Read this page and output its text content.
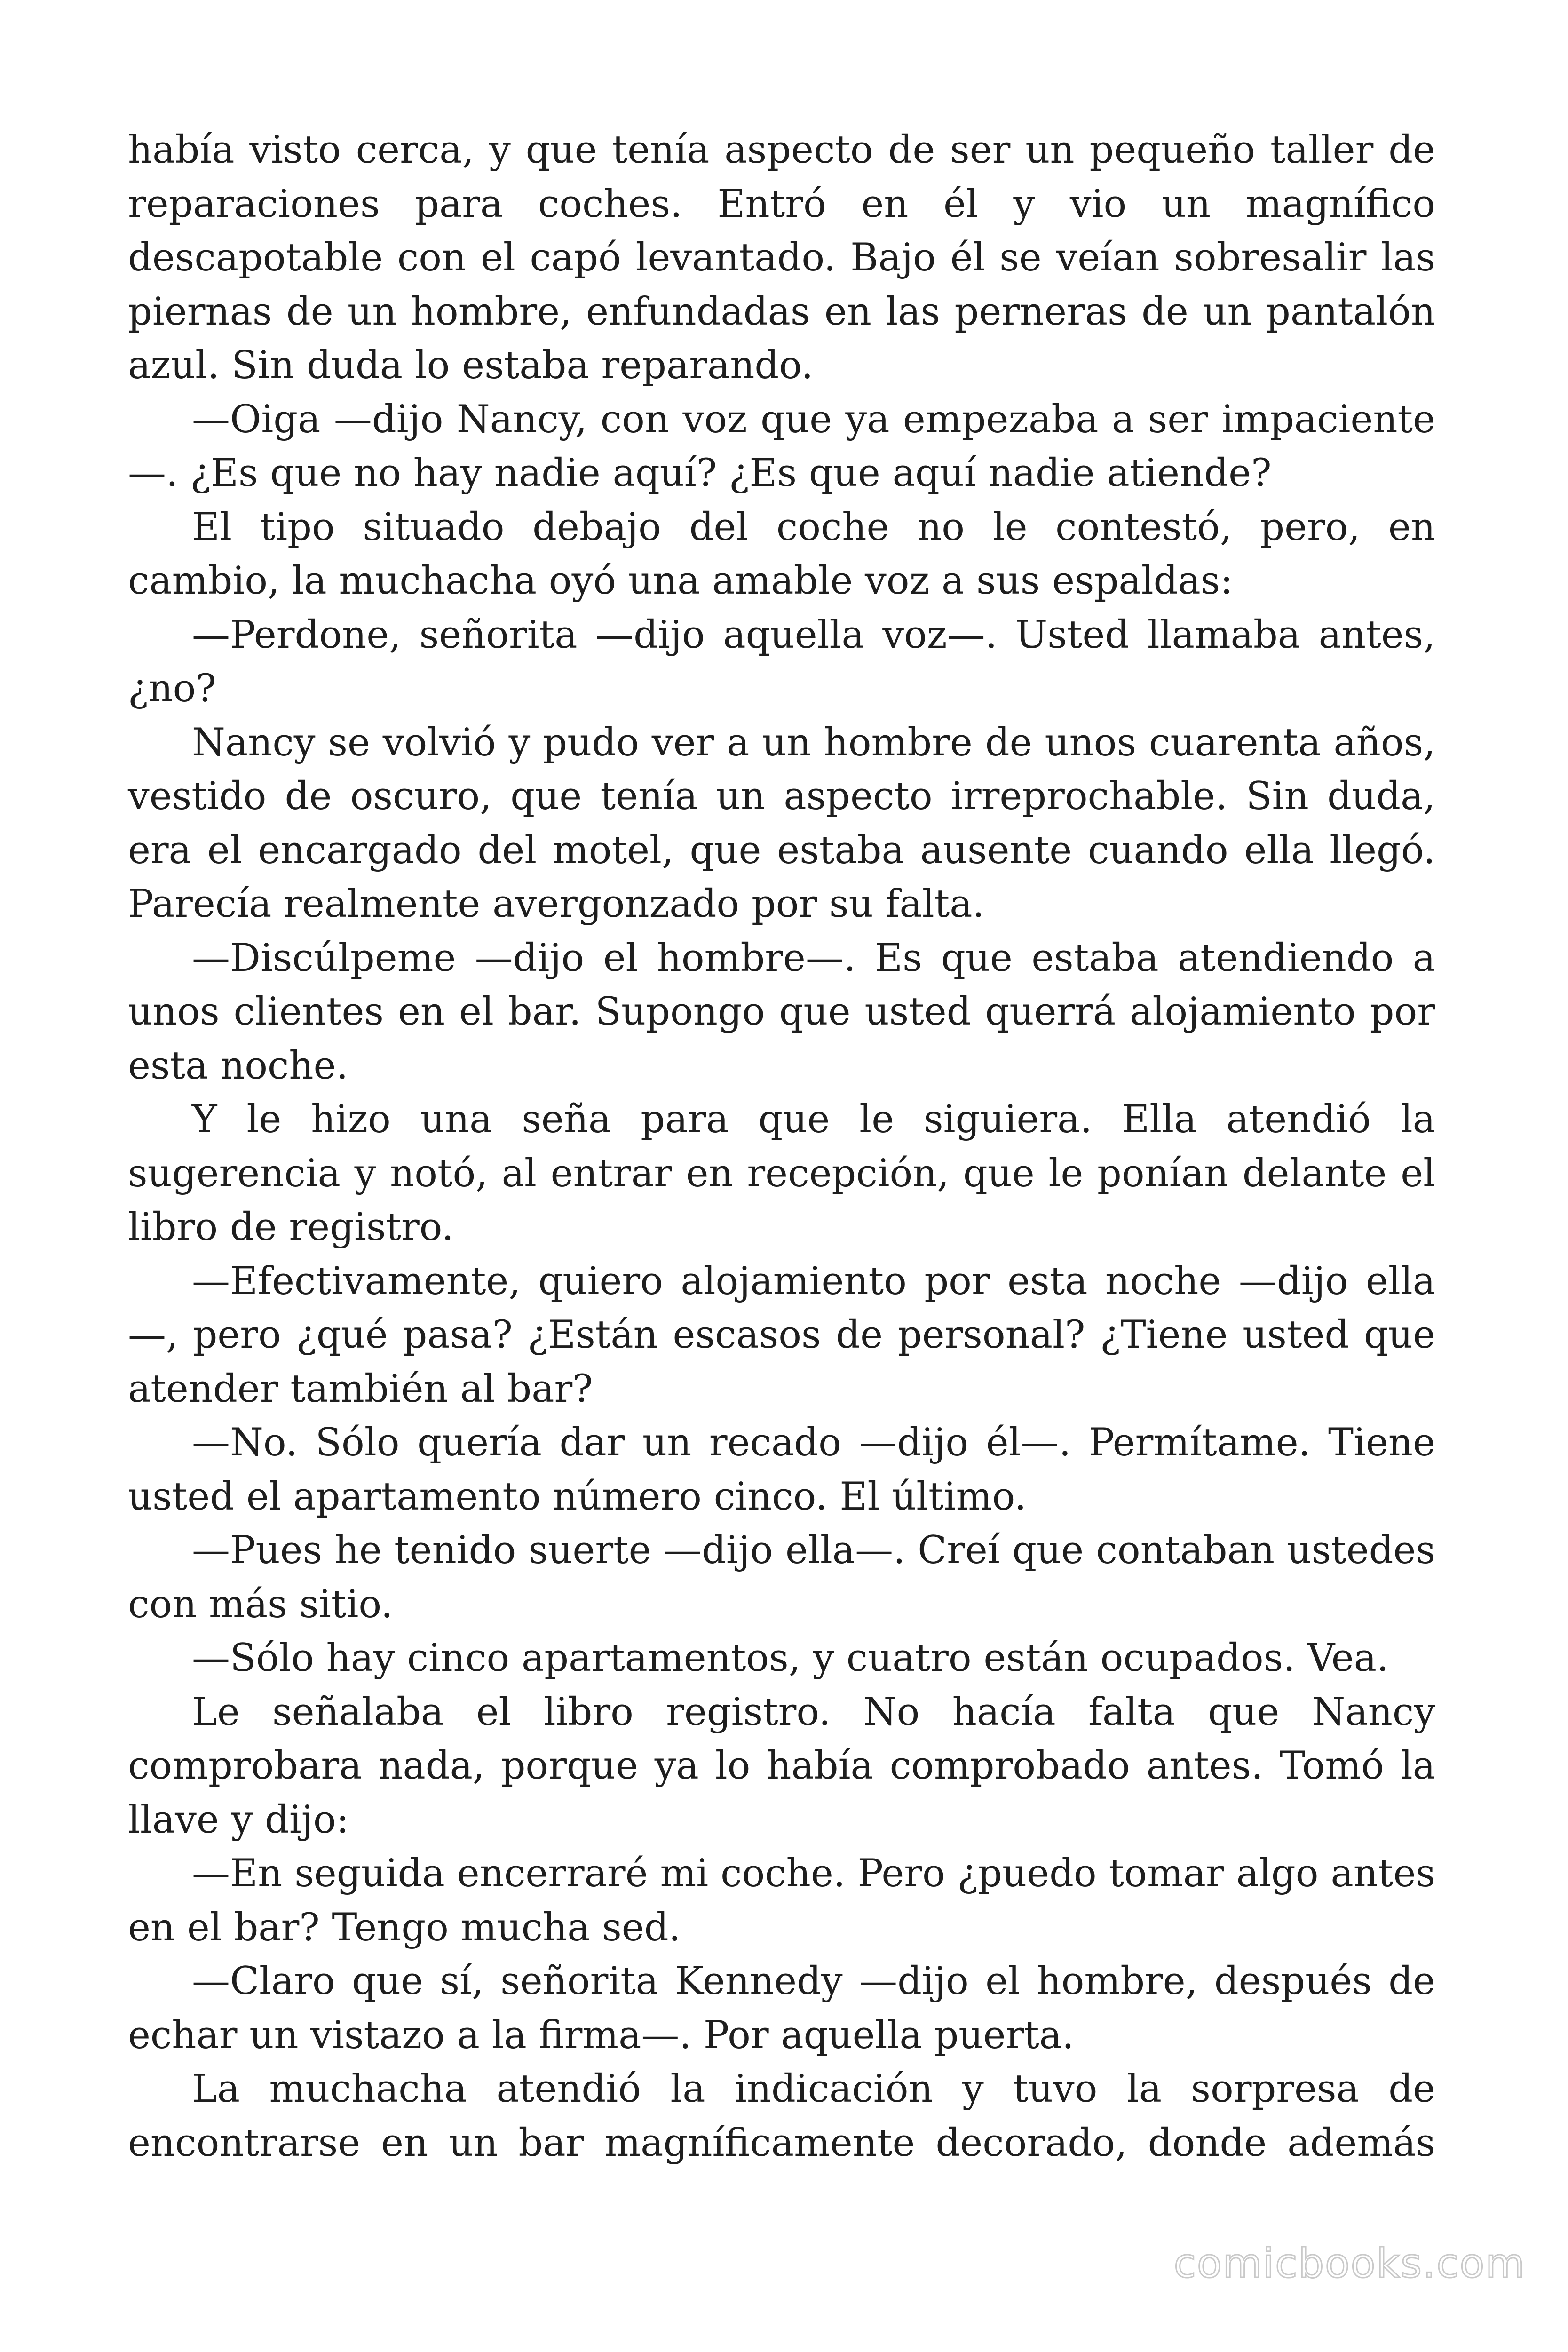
había visto cerca, y que tenía aspecto de ser un pequeño taller de reparaciones para coches. Entró en él y vio un magnífico descapotable con el capó levantado. Bajo él se veían sobresalir las piernas de un hombre, enfundadas en las perneras de un pantalón azul. Sin duda lo estaba reparando.

—Oiga —dijo Nancy, con voz que ya empezaba a ser impaciente —. ¿Es que no hay nadie aquí? ¿Es que aquí nadie atiende?

El tipo situado debajo del coche no le contestó, pero, en cambio, la muchacha oyó una amable voz a sus espaldas:

—Perdone, señorita —dijo aquella voz—. Usted llamaba antes, ¿no?

Nancy se volvió y pudo ver a un hombre de unos cuarenta años, vestido de oscuro, que tenía un aspecto irreprochable. Sin duda, era el encargado del motel, que estaba ausente cuando ella llegó. Parecía realmente avergonzado por su falta.

—Discúlpeme —dijo el hombre—. Es que estaba atendiendo a unos clientes en el bar. Supongo que usted querrá alojamiento por esta noche.

Y le hizo una seña para que le siguiera. Ella atendió la sugerencia y notó, al entrar en recepción, que le ponían delante el libro de registro.

—Efectivamente, quiero alojamiento por esta noche —dijo ella —, pero ¿qué pasa? ¿Están escasos de personal? ¿Tiene usted que atender también al bar?

—No. Sólo quería dar un recado —dijo él—. Permítame. Tiene usted el apartamento número cinco. El último.

—Pues he tenido suerte —dijo ella—. Creí que contaban ustedes con más sitio.

—Sólo hay cinco apartamentos, y cuatro están ocupados. Vea.

Le señalaba el libro registro. No hacía falta que Nancy comprobara nada, porque ya lo había comprobado antes. Tomó la llave y dijo:

—En seguida encerraré mi coche. Pero ¿puedo tomar algo antes en el bar? Tengo mucha sed.

—Claro que sí, señorita Kennedy —dijo el hombre, después de echar un vistazo a la firma—. Por aquella puerta.

La muchacha atendió la indicación y tuvo la sorpresa de encontrarse en un bar magníficamente decorado, donde además

comicbooks.com
